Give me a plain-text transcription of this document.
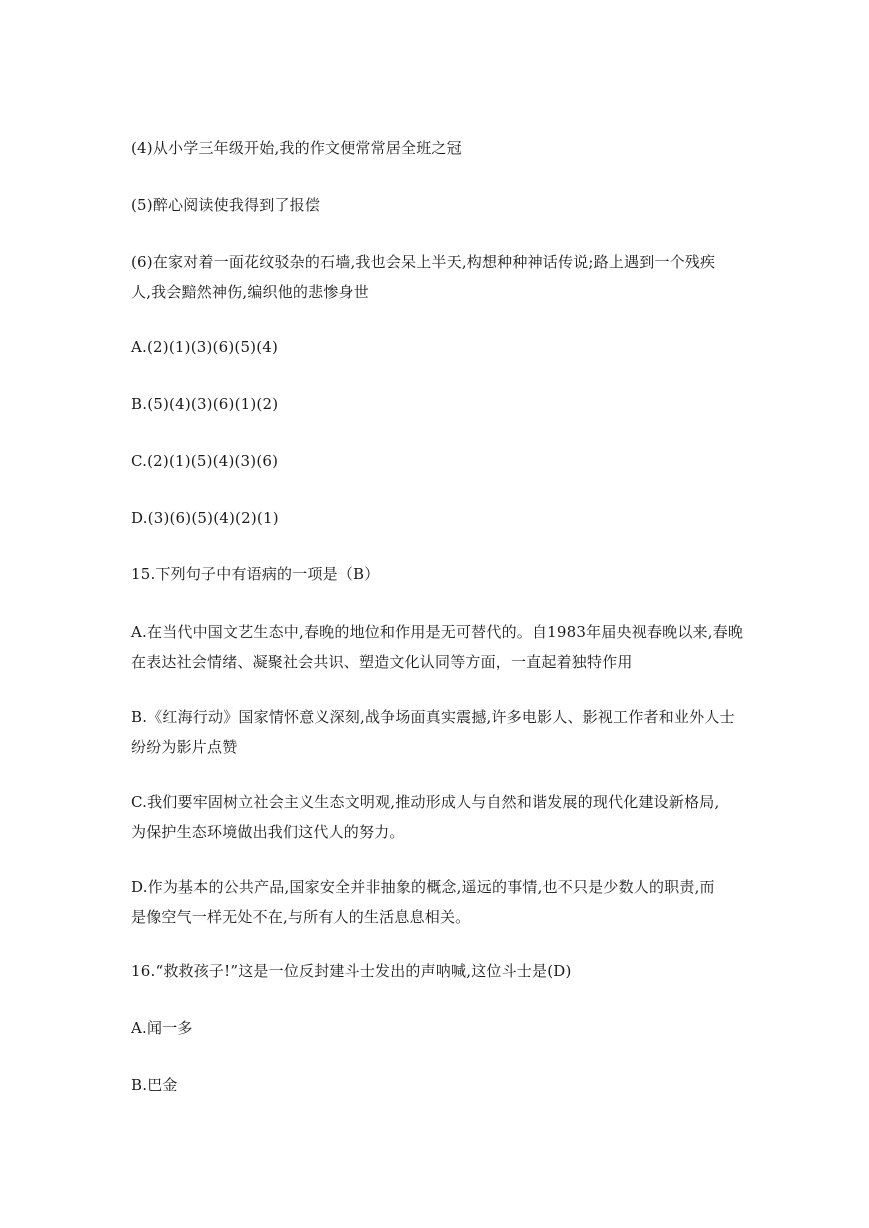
(4)从小学三年级开始,我的作文便常常居全班之冠
(5)醉心阅读使我得到了报偿
(6)在家对着一面花纹驳杂的石墙,我也会呆上半天,构想种种神话传说;路上遇到一个残疾
人,我会黯然神伤,编织他的悲惨身世
A.(2)(1)(3)(6)(5)(4)
B.(5)(4)(3)(6)(1)(2)
C.(2)(1)(5)(4)(3)(6)
D.(3)(6)(5)(4)(2)(1)
15.下列句子中有语病的一项是（B）
A.在当代中国文艺生态中,春晚的地位和作用是无可替代的。自1983年届央视春晚以来,春晚
在表达社会情绪、凝聚社会共识、塑造文化认同等方面，一直起着独特作用
B.《红海行动》国家情怀意义深刻,战争场面真实震撼,许多电影人、影视工作者和业外人士
纷纷为影片点赞
C.我们要牢固树立社会主义生态文明观,推动形成人与自然和谐发展的现代化建设新格局,
为保护生态环境做出我们这代人的努力。
D.作为基本的公共产品,国家安全并非抽象的概念,遥远的事情,也不只是少数人的职责,而
是像空气一样无处不在,与所有人的生活息息相关。
16.“救救孩子!”这是一位反封建斗士发出的声呐喊,这位斗士是(D)
A.闻一多
B.巴金
